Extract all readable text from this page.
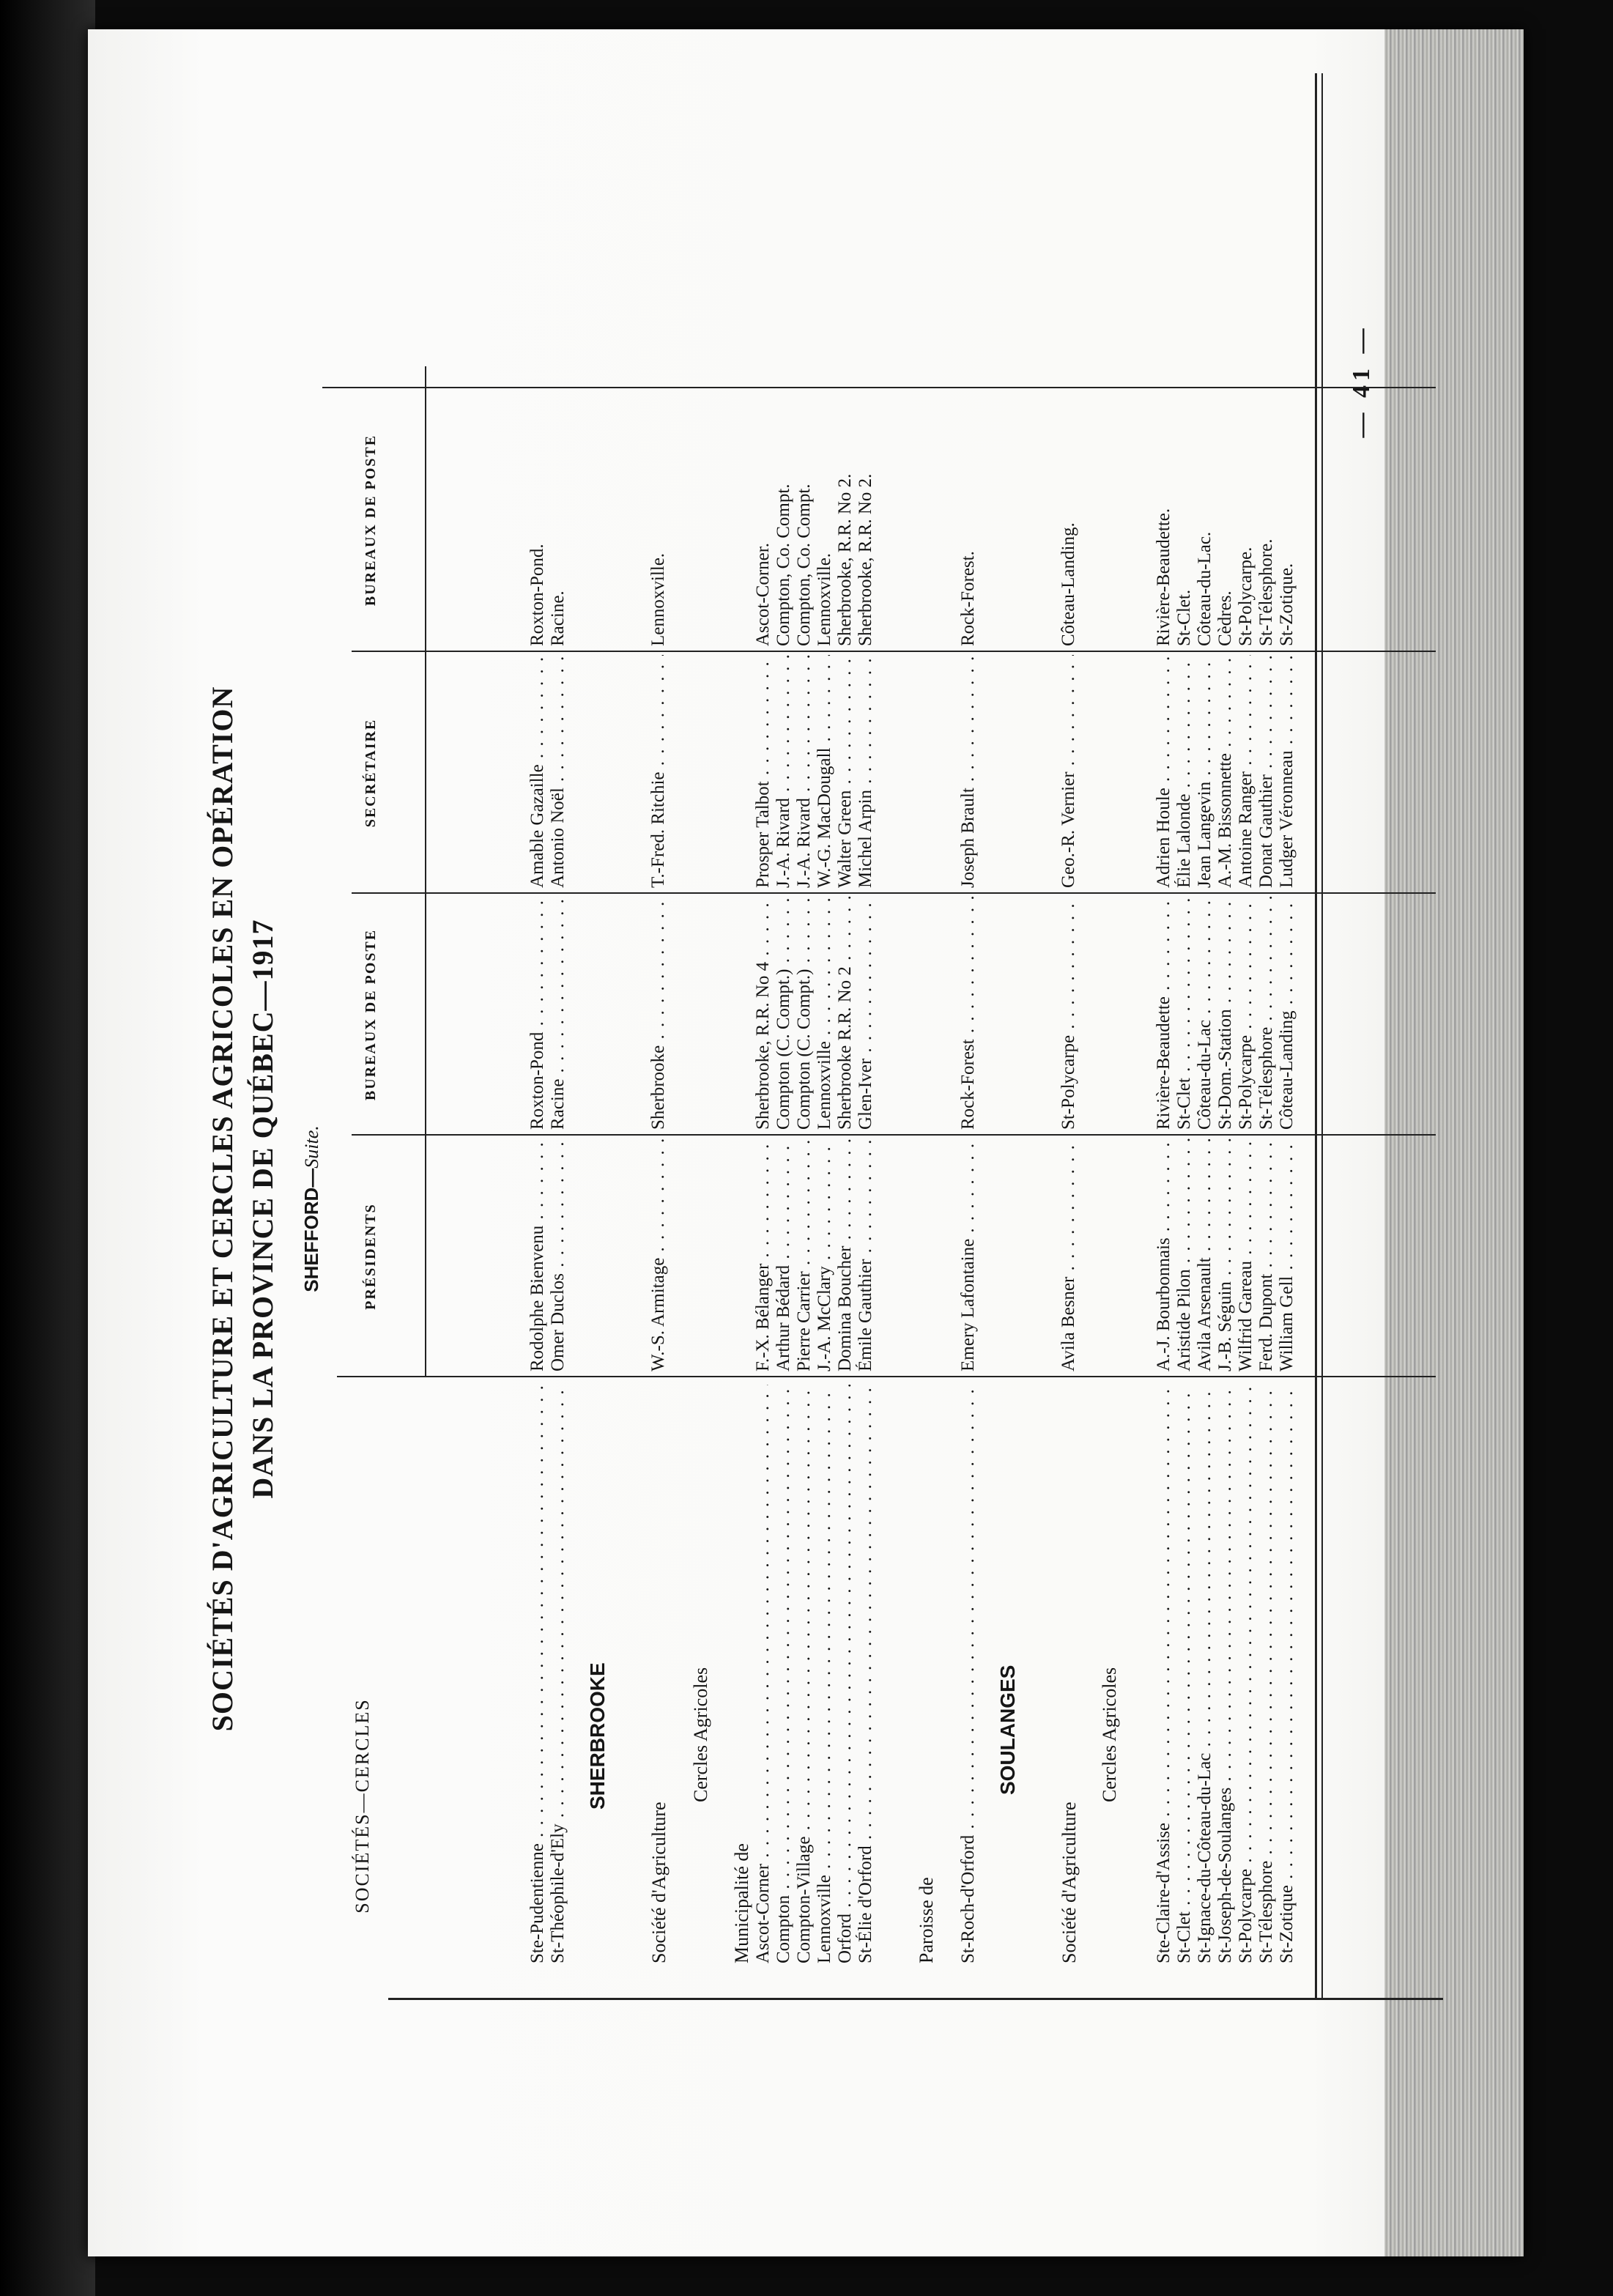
— 41 —
SOCIÉTÉS D'AGRICULTURE ET CERCLES AGRICOLES EN OPÉRATION DANS LA PROVINCE DE QUÉBEC—1917 SHEFFORD—Suite.
SOCIÉTÉS—CERCLES
PRÉSIDENTS
BUREAUX DE POSTE
SECRÉTAIRE
BUREAUX DE POSTE
Ste-Pudentienne . . .
Rodolphe Bienvenu . . .
Roxton-Pond . . .
Amable Gazaille . . .
Roxton-Pond.
St-Théophile-d'Ely . . .
Omer Duclos . . .
Racine . . .
Antonio Noël . . .
Racine.
W.-S. Armitage . . .
Sherbrooke . . .
T.-Fred. Ritchie . . .
Lennoxville.
Ascot-Corner . . .
F.-X. Bélanger . . .
Sherbrooke, R.R. No 4 . . .
Prosper Talbot . . .
Ascot-Corner.
Compton . . .
Arthur Bédard . . .
Compton (C. Compt.) . . .
J.-A. Rivard . . .
Compton, Co. Compt.
Compton-Village . . .
Pierre Carrier . . .
Compton (C. Compt.) . . .
J.-A. Rivard . . .
Compton, Co. Compt.
Lennoxville . . .
J.-A. McClary . . .
Lennoxville . . .
W.-G. MacDougall . . .
Lennoxville.
Orford . . .
Domina Boucher . . .
Sherbrooke R.R. No 2 . . .
Walter Green . . .
Sherbrooke, R.R. No 2.
St-Élie d'Orford . . .
Émile Gauthier . . .
Glen-Iver . . .
Michel Arpin . . .
Sherbrooke, R.R. No 2.
St-Roch-d'Orford . . .
Emery Lafontaine . . .
Rock-Forest . . .
Joseph Brault . . .
Rock-Forest.
Avila Besner . . .
St-Polycarpe . . .
Geo.-R. Vernier . . .
Côteau-Landing.
Ste-Claire-d'Assise . . .
A.-J. Bourbonnais . . .
Rivière-Beaudette . . .
Adrien Houle . . .
Rivière-Beaudette.
St-Clet . . .
Aristide Pilon . . .
St-Clet . . .
Élie Lalonde . . .
St-Clet.
St-Ignace-du-Côteau-du-Lac . . .
Avila Arsenault . . .
Côteau-du-Lac . . .
Jean Langevin . . .
Côteau-du-Lac.
St-Joseph-de-Soulanges . . .
J.-B. Séguin . . .
St-Dom.-Station . . .
A.-M. Bissonnette . . .
Cèdres.
St-Polycarpe . . .
Wilfrid Gareau . . .
St-Polycarpe . . .
Antoine Ranger . . .
St-Polycarpe.
St-Télesphore . . .
Ferd. Dupont . . .
St-Télesphore . . .
Donat Gauthier . . .
St-Télesphore.
St-Zotique . . .
William Gell . . .
Côteau-Landing . . .
Ludger Véronneau . . .
St-Zotique.
SHERBROOKE
Société d'Agriculture
Cercles Agricoles
Municipalité de	Paroisse de
SOULANGES
Société d'Agriculture
Cercles Agricoles
